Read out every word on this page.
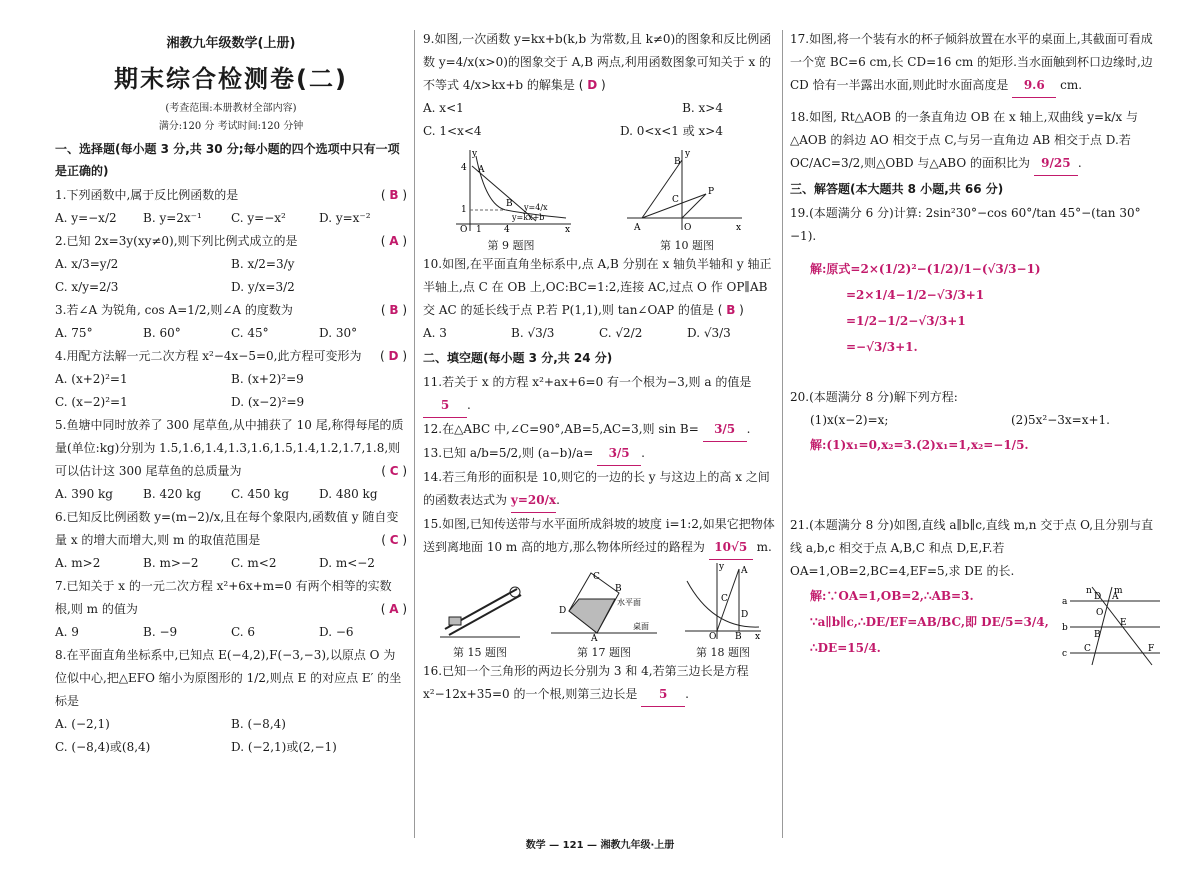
湘教九年级数学(上册)
期末综合检测卷(二)
(考查范围:本册教材全部内容)
满分:120 分 考试时间:120 分钟
一、选择题(每小题 3 分,共 30 分;每小题的四个选项中只有一项是正确的)

1.下列函数中,属于反比例函数的是	( B )

A. y=−x/2	B. y=2x⁻¹	C. y=−x²	D. y=x⁻²

2.已知 2x=3y(xy≠0),则下列比例式成立的是	( A )

A. x/3=y/2	B. x/2=3/y
C. x/y=2/3	D. y/x=3/2

3.若∠A 为锐角, cos A=1/2,则∠A 的度数为	( B )

A. 75°	B. 60°	C. 45°	D. 30°

4.用配方法解一元二次方程 x²−4x−5=0,此方程可变形为 ( D )

A. (x+2)²=1	B. (x+2)²=9
C. (x−2)²=1	D. (x−2)²=9

5.鱼塘中同时放养了 300 尾草鱼,从中捕获了 10 尾,称得每尾的质量(单位:kg)分别为 1.5,1.6,1.4,1.3,1.6,1.5,1.4,1.2,1.7,1.8,则可以估计这 300 尾草鱼的总质量为	( C )

A. 390 kg	B. 420 kg	C. 450 kg	D. 480 kg

6.已知反比例函数 y=(m−2)/x,且在每个象限内,函数值 y 随自变量 x 的增大而增大,则 m 的取值范围是	( C )

A. m>2	B. m>−2	C. m<2	D. m<−2

7.已知关于 x 的一元二次方程 x²+6x+m=0 有两个相等的实数根,则 m 的值为	( A )

A. 9	B. −9	C. 6	D. −6

8.在平面直角坐标系中,已知点 E(−4,2),F(−3,−3),以原点 O 为位似中心,把△EFO 缩小为原图形的 1/2,则点 E 的对应点 E′ 的坐标是

A. (−2,1)	B. (−8,4)
C. (−8,4)或(8,4)	D. (−2,1)或(2,−1)

9.如图,一次函数 y=kx+b(k,b 为常数,且 k≠0)的图象和反比例函数 y=4/x(x>0)的图象交于 A,B 两点,利用函数图象可知关于 x 的不等式 4/x>kx+b 的解集是 ( D )

A. x<1	B. x>4
C. 1<x<4	D. 0<x<1 或 x>4
y
x
O
A
B
4
1
1 4
y=kx+b
y=4/x
第 9 题图
y
x
O
A
B
C
P
第 10 题图

10.如图,在平面直角坐标系中,点 A,B 分别在 x 轴负半轴和 y 轴正半轴上,点 C 在 OB 上,OC:BC=1:2,连接 AC,过点 O 作 OP∥AB 交 AC 的延长线于点 P.若 P(1,1),则 tan∠OAP 的值是 ( B )

A. 3	B. √3/3	C. √2/2	D. √3/3
二、填空题(每小题 3 分,共 24 分)

11.若关于 x 的方程 x²+ax+6=0 有一个根为−3,则 a 的值是 5 .

12.在△ABC 中,∠C=90°,AB=5,AC=3,则 sin B= 3/5 .

13.已知 a/b=5/2,则 (a−b)/a= 3/5 .

14.若三角形的面积是 10,则它的一边的长 y 与这边上的高 x 之间的函数表达式为 y=20/x.

15.如图,已知传送带与水平面所成斜坡的坡度 i=1:2,如果它把物体送到离地面 10 m 高的地方,那么物体所经过的路程为 10√5 m.

第 15 题图
C
B
D
A
水平面
桌面
第 17 题图
y
x
O
A
B
C
D
第 18 题图

16.已知一个三角形的两边长分别为 3 和 4,若第三边长是方程 x²−12x+35=0 的一个根,则第三边长是 5 .

17.如图,将一个装有水的杯子倾斜放置在水平的桌面上,其截面可看成一个宽 BC=6 cm,长 CD=16 cm 的矩形.当水面触到杯口边缘时,边 CD 恰有一半露出水面,则此时水面高度是 9.6 cm.

18.如图, Rt△AOB 的一条直角边 OB 在 x 轴上,双曲线 y=k/x 与△AOB 的斜边 AO 相交于点 C,与另一直角边 AB 相交于点 D.若 OC/AC=3/2,则△OBD 与△ABO 的面积比为 9/25 .

三、解答题(本大题共 8 小题,共 66 分)

19.(本题满分 6 分)计算: 2sin²30°−cos 60°/tan 45°−(tan 30°−1).

解:原式=2×(1/2)²−(1/2)/1−(√3/3−1)
=2×1/4−1/2−√3/3+1
=1/2−1/2−√3/3+1
=−√3/3+1.

20.(本题满分 8 分)解下列方程:

(1)x(x−2)=x;	(2)5x²−3x=x+1.
解:(1)x₁=0,x₂=3.(2)x₁=1,x₂=−1/5.

21.(本题满分 8 分)如图,直线 a∥b∥c,直线 m,n 交于点 O,且分别与直线 a,b,c 相交于点 A,B,C 和点 D,E,F.若 OA=1,OB=2,BC=4,EF=5,求 DE 的长.

解:∵OA=1,OB=2,∴AB=3.
∵a∥b∥c,∴DE/EF=AB/BC,即 DE/5=3/4,
∴DE=15/4.
n m
a
b
c
D A
O
E
B
C	F
数学 — 121 — 湘教九年级·上册
